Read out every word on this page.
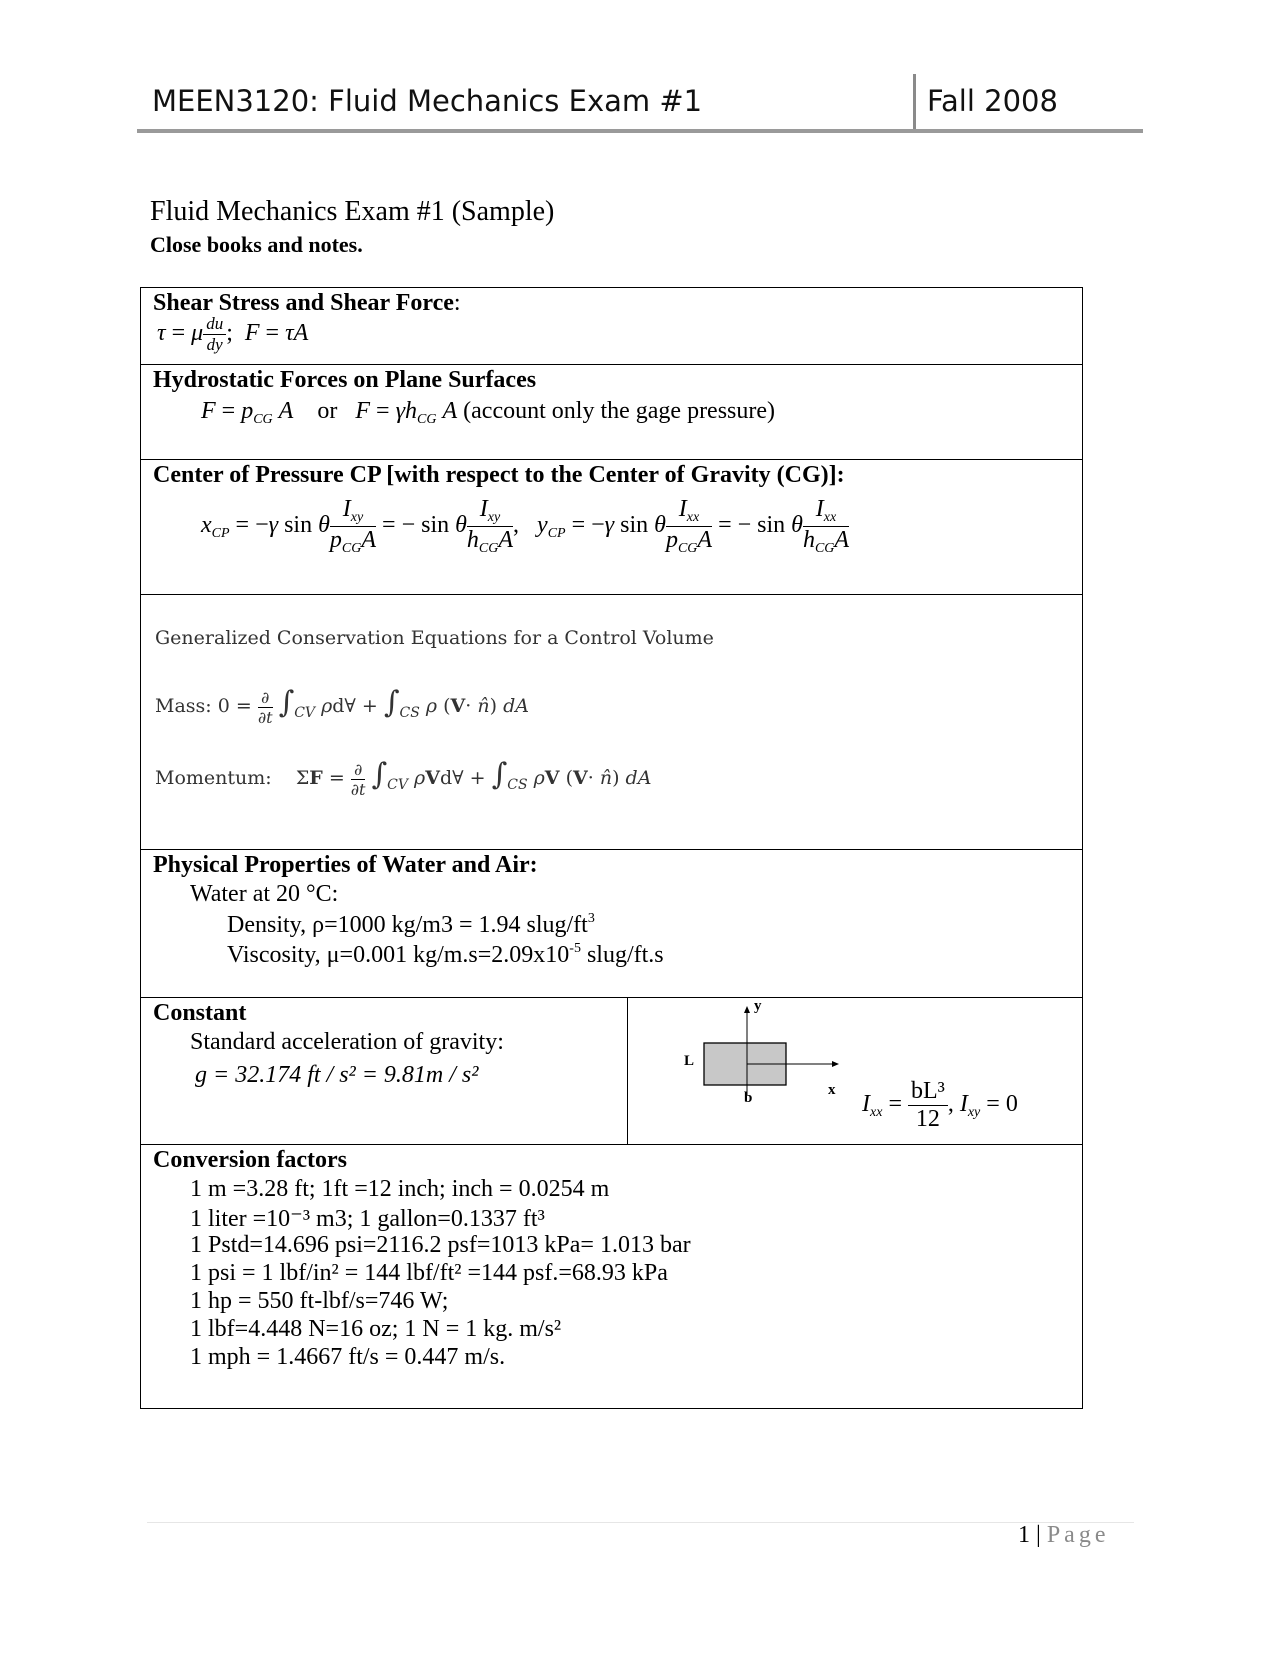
MEEN3120: Fluid Mechanics Exam #1	Fall 2008
Fluid Mechanics Exam #1 (Sample)
Close books and notes.
Shear Stress and Shear Force:
τ = μ $\frac{du}{dy}$ ;  F = τA
Hydrostatic Forces on Plane Surfaces
$F = p_{CG}$ A or $F = \gamma h_{CG}$ A (account only the gage pressure)
Center of Pressure CP [with respect to the Center of Gravity (CG)]:
$x_{CP} = -\gamma$ sin θ $\frac{I_{xy}}{p_{CG}A}$ = − sin θ $\frac{I_{xy}}{h_{CG}A}$ ,   $y_{CP} = -\gamma$ sin θ $\frac{I_{xx}}{p_{CG}A}$ = − sin θ $\frac{I_{xx}}{h_{CG}A}$
Generalized Conservation Equations for a Control Volume
Mass: $0 = \frac{\partial}{\partial t} \int_{CV}$ ρd∀ + $\int_{CS}$ ρ (V· n̂) dA
Momentum:    $\Sigma F = \frac{\partial}{\partial t} \int_{CV}$ ρVd∀ + $\int_{CS}$ ρV (V· n̂) dA
Physical Properties of Water and Air:
Water at 20 °C:
Density, ρ=1000 kg/m3 = 1.94 slug/$ft^3$
Viscosity, μ=0.001 $kg/m.s=2.09x10^{-5}$ slug/ft.s
Constant
Standard acceleration of gravity:
g = 32.174 ft / s² = 9.81m / s²
y
x
L
b	$I_{xx} = \frac{\text{bL³}}{12}$ , $I_{xy} = 0$
Conversion factors
1 m =3.28 ft; 1ft =12 inch; inch = 0.0254 m
1 liter =10⁻³ m3; 1 gallon=0.1337 ft³
1 Pstd=14.696 psi=2116.2 psf=1013 kPa= 1.013 bar
1 psi = 1 lbf/in² = 144 lbf/ft² =144 psf.=68.93 kPa
1 hp = 550 ft-lbf/s=746 W;
1 lbf=4.448 N=16 oz; 1 N = 1 kg. m/s²
1 mph = 1.4667 ft/s = 0.447 m/s.
1 | Page
